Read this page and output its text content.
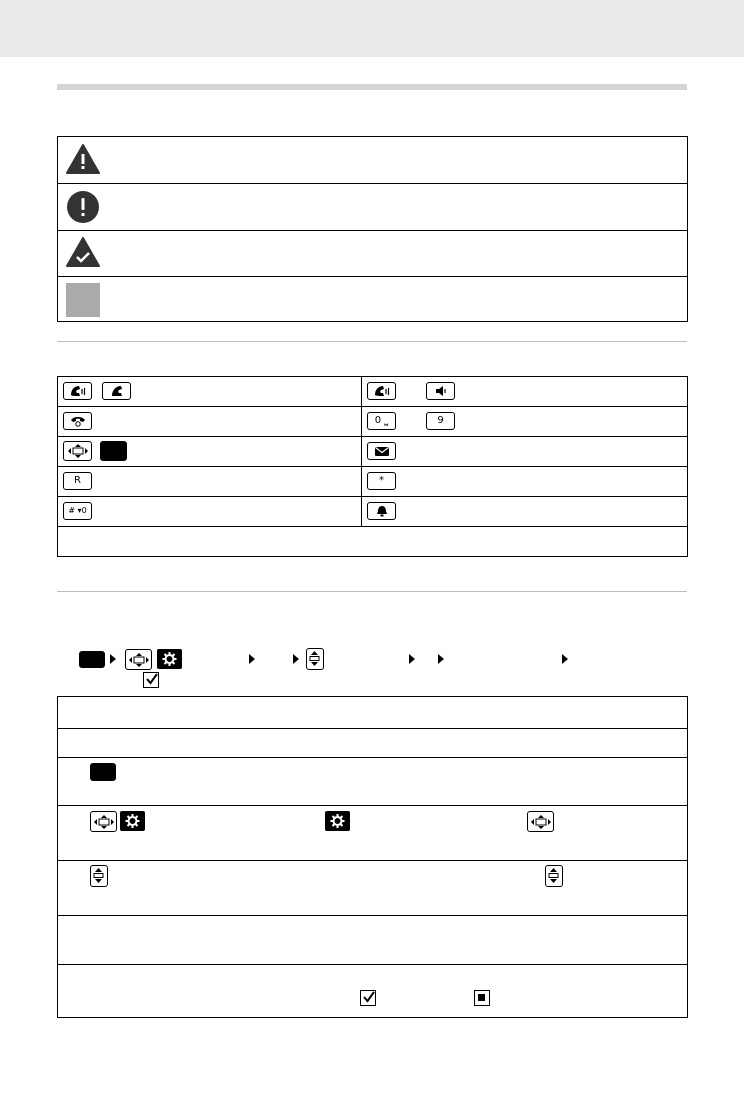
R
# ▾0
0 ⎵	9
*
